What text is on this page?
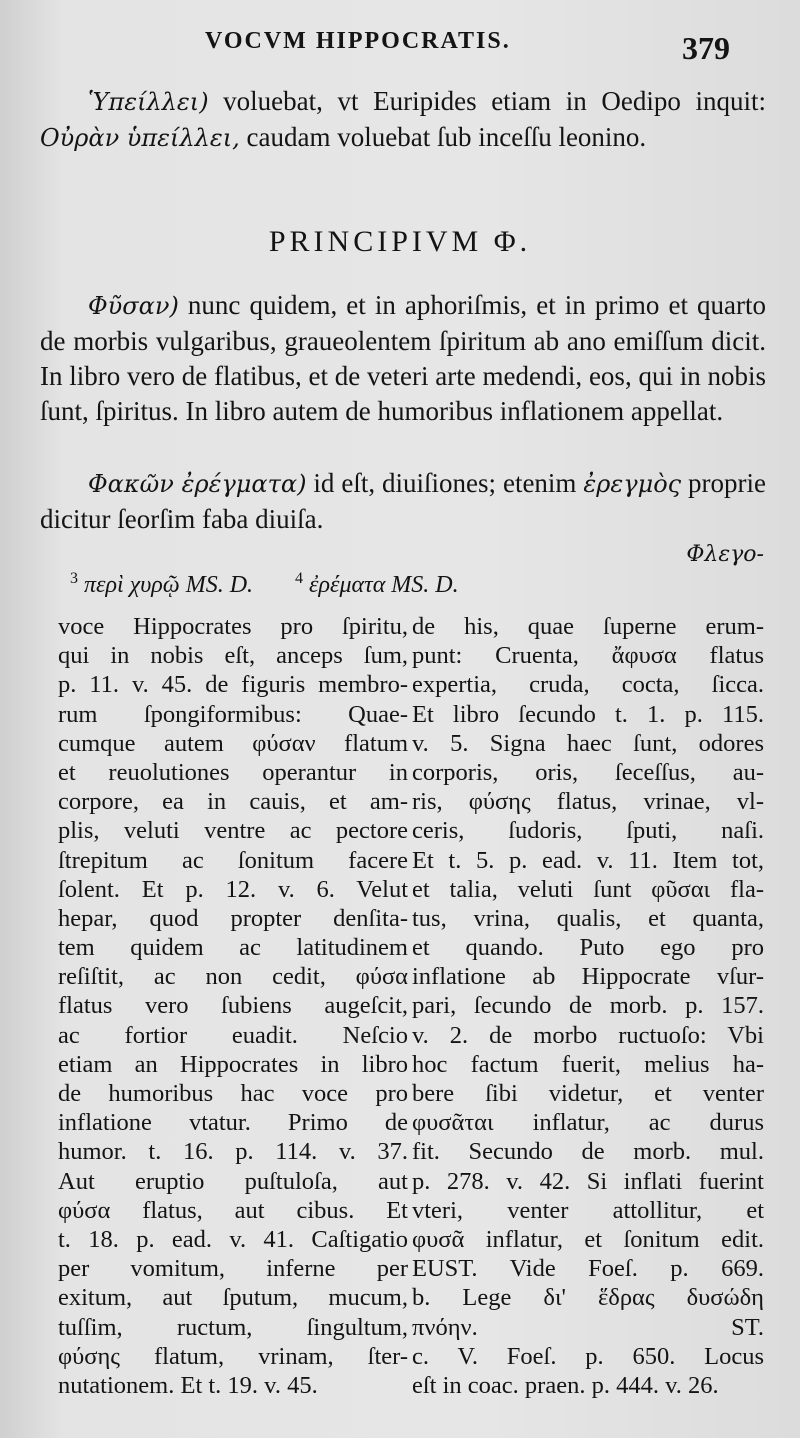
VOCVM HIPPOCRATIS.	379

Ὑπείλλει) voluebat, vt Euripides etiam in Oedipo inquit: Οὐρὰν ὑπείλλει, caudam voluebat ſub inceſſu leonino.

PRINCIPIVM Φ.

Φῦσαν) nunc quidem, et in aphoriſmis, et in primo et quarto de morbis vulgaribus, graueolentem ſpiritum ab ano emiſſum dicit. In libro vero de flatibus, et de veteri arte medendi, eos, qui in nobis ſunt, ſpiritus. In libro autem de humoribus inflationem appellat.

Φακῶν ἐρέγματα) id eſt, diuiſiones; etenim ἐρεγμὸς proprie dicitur ſeorſim faba diuiſa.

Φλεγο-
$^3$ περὶ χυρῷ MS. D.	$^4$ ἐρέματα MS. D.
voce Hippocrates pro ſpiritu,
qui in nobis eſt, anceps ſum,
p. 11. v. 45. de figuris membro-
rum ſpongiformibus: Quae-
cumque autem φύσαν flatum
et reuolutiones operantur in
corpore, ea in cauis, et am-
plis, veluti ventre ac pectore
ſtrepitum ac ſonitum facere
ſolent. Et p. 12. v. 6. Velut
hepar, quod propter denſita-
tem quidem ac latitudinem
reſiſtit, ac non cedit, φύσα
flatus vero ſubiens augeſcit,
ac fortior euadit. Neſcio
etiam an Hippocrates in libro
de humoribus hac voce pro
inflatione vtatur. Primo de
humor. t. 16. p. 114. v. 37.
Aut eruptio puſtuloſa, aut
φύσα flatus, aut cibus. Et
t. 18. p. ead. v. 41. Caſtigatio
per vomitum, inferne per
exitum, aut ſputum, mucum,
tuſſim, ructum, ſingultum,
φύσης flatum, vrinam, ſter-
nutationem. Et t. 19. v. 45.
de his, quae ſuperne erum-
punt: Cruenta, ἄφυσα flatus
expertia, cruda, cocta, ſicca.
Et libro ſecundo t. 1. p. 115.
v. 5. Signa haec ſunt, odores
corporis, oris, ſeceſſus, au-
ris, φύσης flatus, vrinae, vl-
ceris, ſudoris, ſputi, naſi.
Et t. 5. p. ead. v. 11. Item tot,
et talia, veluti ſunt φῦσαι fla-
tus, vrina, qualis, et quanta,
et quando. Puto ego pro
inflatione ab Hippocrate vſur-
pari, ſecundo de morb. p. 157.
v. 2. de morbo ructuoſo: Vbi
hoc factum fuerit, melius ha-
bere ſibi videtur, et venter
φυσᾶται inflatur, ac durus
fit. Secundo de morb. mul.
p. 278. v. 42. Si inflati fuerint
vteri, venter attollitur, et
φυσᾶ inflatur, et ſonitum edit.
EUST. Vide Foeſ. p. 669.
b. Lege δι' ἕδρας δυσώδη
πνόην. ST.
c. V. Foeſ. p. 650. Locus
eſt in coac. praen. p. 444. v. 26.
